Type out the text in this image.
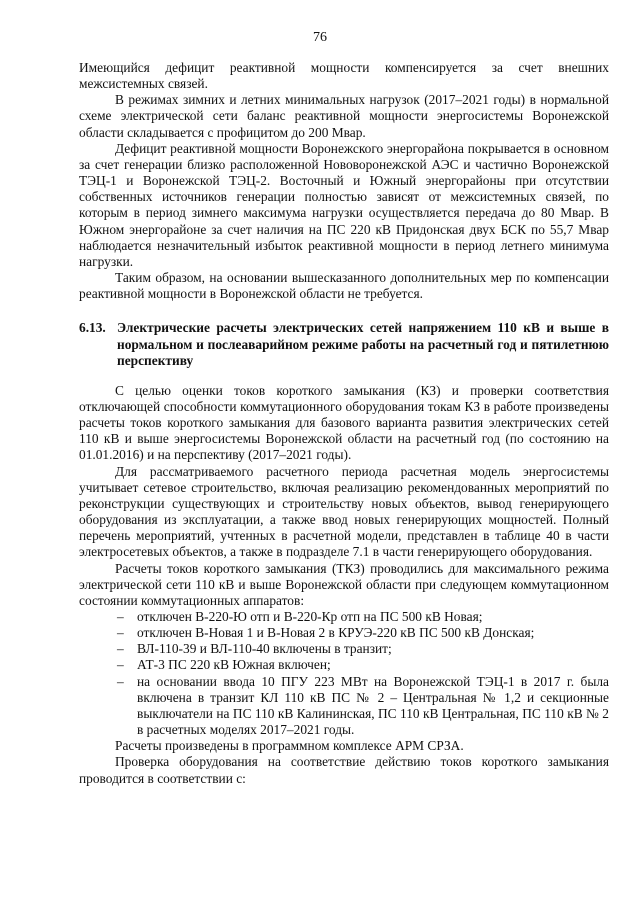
76

Имеющийся дефицит реактивной мощности компенсируется за счет внешних межсистемных связей.

В режимах зимних и летних минимальных нагрузок (2017–2021 годы) в нормальной схеме электрической сети баланс реактивной мощности энергосистемы Воронежской области складывается с профицитом до 200 Мвар.

Дефицит реактивной мощности Воронежского энергорайона покрывается в основном за счет генерации близко расположенной Нововоронежской АЭС и частично Воронежской ТЭЦ-1 и Воронежской ТЭЦ-2. Восточный и Южный энергорайоны при отсутствии собственных источников генерации полностью зависят от межсистемных связей, по которым в период зимнего максимума нагрузки осуществляется передача до 80 Мвар. В Южном энергорайоне за счет наличия на ПС 220 кВ Придонская двух БСК по 55,7 Мвар наблюдается незначительный избыток реактивной мощности в период летнего минимума нагрузки.

Таким образом, на основании вышесказанного дополнительных мер по компенсации реактивной мощности в Воронежской области не требуется.

6.13. Электрические расчеты электрических сетей напряжением 110 кВ и выше в нормальном и послеаварийном режиме работы на расчетный год и пятилетнюю перспективу

С целью оценки токов короткого замыкания (КЗ) и проверки соответствия отключающей способности коммутационного оборудования токам КЗ в работе произведены расчеты токов короткого замыкания для базового варианта развития электрических сетей 110 кВ и выше энергосистемы Воронежской области на расчетный год (по состоянию на 01.01.2016) и на перспективу (2017–2021 годы).

Для рассматриваемого расчетного периода расчетная модель энергосистемы учитывает сетевое строительство, включая реализацию рекомендованных мероприятий по реконструкции существующих и строительству новых объектов, вывод генерирующего оборудования из эксплуатации, а также ввод новых генерирующих мощностей. Полный перечень мероприятий, учтенных в расчетной модели, представлен в таблице 40 в части электросетевых объектов, а также в подразделе 7.1 в части генерирующего оборудования.

Расчеты токов короткого замыкания (ТКЗ) проводились для максимального режима электрической сети 110 кВ и выше Воронежской области при следующем коммутационном состоянии коммутационных аппаратов:

– отключен В-220-Ю отп и В-220-Кр отп на ПС 500 кВ Новая;
– отключен В-Новая 1 и В-Новая 2 в КРУЭ-220 кВ ПС 500 кВ Донская;
– ВЛ-110-39 и ВЛ-110-40 включены в транзит;
– АТ-3 ПС 220 кВ Южная включен;
– на основании ввода 10 ПГУ 223 МВт на Воронежской ТЭЦ-1 в 2017 г. была включена в транзит КЛ 110 кВ ПС № 2 – Центральная № 1,2 и секционные выключатели на ПС 110 кВ Калининская, ПС 110 кВ Центральная, ПС 110 кВ № 2 в расчетных моделях 2017–2021 годы.

Расчеты произведены в программном комплексе АРМ СРЗА.

Проверка оборудования на соответствие действию токов короткого замыкания проводится в соответствии с:
